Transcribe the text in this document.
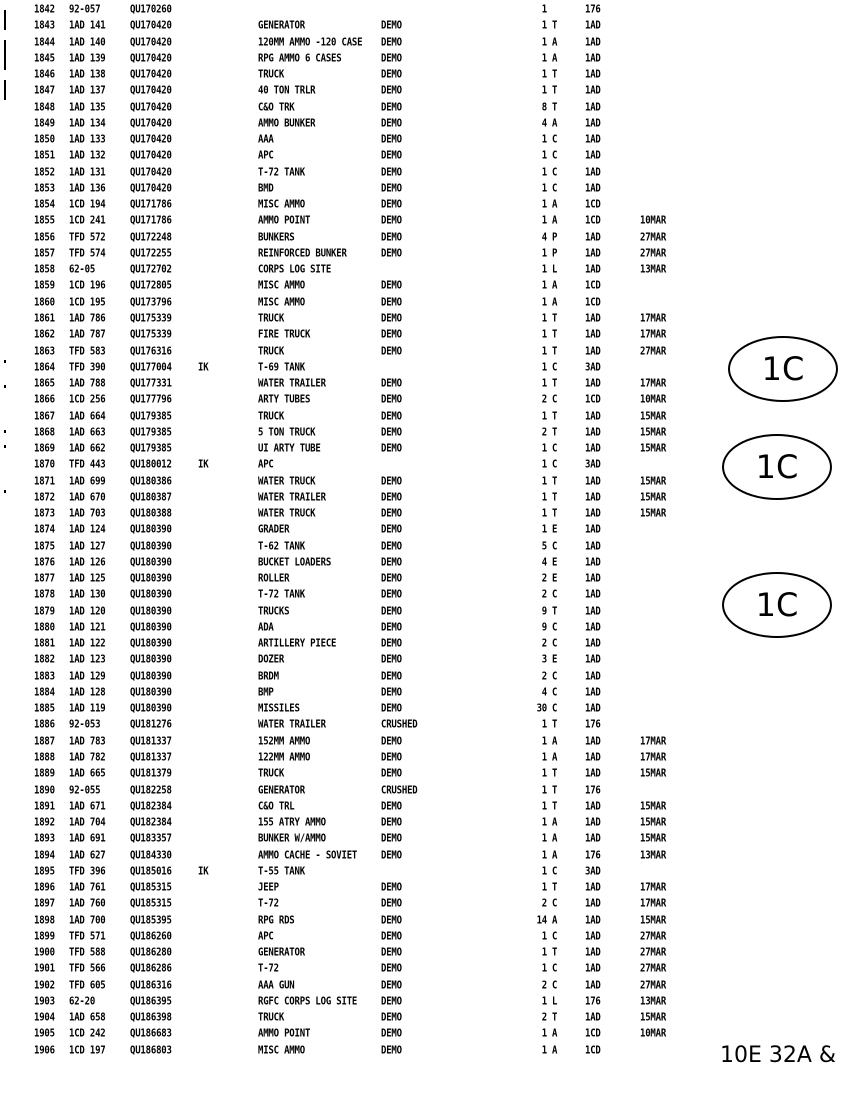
1842 92-057	QU170260	1	176
1843 1AD 141	QU170420	GENERATOR	DEMO	1 T	1AD
1844 1AD 140	QU170420	120MM AMMO -120 CASE DEMO	1 A	1AD
1845 1AD 139	QU170420	RPG AMMO 6 CASES	DEMO	1 A	1AD
1846 1AD 138	QU170420	TRUCK	DEMO	1 T	1AD
1847 1AD 137	QU170420	40 TON TRLR	DEMO	1 T	1AD
1848 1AD 135	QU170420	C&O TRK	DEMO	8 T	1AD
1849 1AD 134	QU170420	AMMO BUNKER	DEMO	4 A	1AD
1850 1AD 133	QU170420	AAA	DEMO	1 C	1AD
1851 1AD 132	QU170420	APC	DEMO	1 C	1AD
1852 1AD 131	QU170420	T-72 TANK	DEMO	1 C	1AD
1853 1AD 136	QU170420	BMD	DEMO	1 C	1AD
1854 1CD 194	QU171786	MISC AMMO	DEMO	1 A	1CD
1855 1CD 241	QU171786	AMMO POINT	DEMO	1 A	1CD	10MAR
1856 TFD 572	QU172248	BUNKERS	DEMO	4 P	1AD	27MAR
1857 TFD 574	QU172255	REINFORCED BUNKER	DEMO	1 P	1AD	27MAR
1858 62-05	QU172702	CORPS LOG SITE	1 L	1AD	13MAR
1859 1CD 196	QU172805	MISC AMMO	DEMO	1 A	1CD
1860 1CD 195	QU173796	MISC AMMO	DEMO	1 A	1CD
1861 1AD 786	QU175339	TRUCK	DEMO	1 T	1AD	17MAR
1862 1AD 787	QU175339	FIRE TRUCK	DEMO	1 T	1AD	17MAR
1863 TFD 583	QU176316	TRUCK	DEMO	1 T	1AD	27MAR
1864 TFD 390	QU177004	IK	T-69 TANK	1 C	3AD
1865 1AD 788	QU177331	WATER TRAILER	DEMO	1 T	1AD	17MAR
1866 1CD 256	QU177796	ARTY TUBES	DEMO	2 C	1CD	10MAR
1867 1AD 664	QU179385	TRUCK	DEMO	1 T	1AD	15MAR
1868 1AD 663	QU179385	5 TON TRUCK	DEMO	2 T	1AD	15MAR
1869 1AD 662	QU179385	UI ARTY TUBE	DEMO	1 C	1AD	15MAR
1870 TFD 443	QU180012	IK	APC	1 C	3AD
1871 1AD 699	QU180386	WATER TRUCK	DEMO	1 T	1AD	15MAR
1872 1AD 670	QU180387	WATER TRAILER	DEMO	1 T	1AD	15MAR
1873 1AD 703	QU180388	WATER TRUCK	DEMO	1 T	1AD	15MAR
1874 1AD 124	QU180390	GRADER	DEMO	1 E	1AD
1875 1AD 127	QU180390	T-62 TANK	DEMO	5 C	1AD
1876 1AD 126	QU180390	BUCKET LOADERS	DEMO	4 E	1AD
1877 1AD 125	QU180390	ROLLER	DEMO	2 E	1AD
1878 1AD 130	QU180390	T-72 TANK	DEMO	2 C	1AD
1879 1AD 120	QU180390	TRUCKS	DEMO	9 T	1AD
1880 1AD 121	QU180390	ADA	DEMO	9 C	1AD
1881 1AD 122	QU180390	ARTILLERY PIECE	DEMO	2 C	1AD
1882 1AD 123	QU180390	DOZER	DEMO	3 E	1AD
1883 1AD 129	QU180390	BRDM	DEMO	2 C	1AD
1884 1AD 128	QU180390	BMP	DEMO	4 C	1AD
1885 1AD 119	QU180390	MISSILES	DEMO	30 C	1AD
1886 92-053	QU181276	WATER TRAILER	CRUSHED	1 T	176
1887 1AD 783	QU181337	152MM AMMO	DEMO	1 A	1AD	17MAR
1888 1AD 782	QU181337	122MM AMMO	DEMO	1 A	1AD	17MAR
1889 1AD 665	QU181379	TRUCK	DEMO	1 T	1AD	15MAR
1890 92-055	QU182258	GENERATOR	CRUSHED	1 T	176
1891 1AD 671	QU182384	C&O TRL	DEMO	1 T	1AD	15MAR
1892 1AD 704	QU182384	155 ATRY AMMO	DEMO	1 A	1AD	15MAR
1893 1AD 691	QU183357	BUNKER W/AMMO	DEMO	1 A	1AD	15MAR
1894 1AD 627	QU184330	AMMO CACHE - SOVIET	DEMO	1 A	176	13MAR
1895 TFD 396	QU185016	IK	T-55 TANK	1 C	3AD
1896 1AD 761	QU185315	JEEP	DEMO	1 T	1AD	17MAR
1897 1AD 760	QU185315	T-72	DEMO	2 C	1AD	17MAR
1898 1AD 700	QU185395	RPG RDS	DEMO	14 A	1AD	15MAR
1899 TFD 571	QU186260	APC	DEMO	1 C	1AD	27MAR
1900 TFD 588	QU186280	GENERATOR	DEMO	1 T	1AD	27MAR
1901 TFD 566	QU186286	T-72	DEMO	1 C	1AD	27MAR
1902 TFD 605	QU186316	AAA GUN	DEMO	2 C	1AD	27MAR
1903 62-20	QU186395	RGFC CORPS LOG SITE	DEMO	1 L	176	13MAR
1904 1AD 658	QU186398	TRUCK	DEMO	2 T	1AD	15MAR
1905 1CD 242	QU186683	AMMO POINT	DEMO	1 A	1CD	10MAR
1906 1CD 197	QU186803	MISC AMMO	DEMO	1 A	1CD
1C
1C
1C
10E 32A &
